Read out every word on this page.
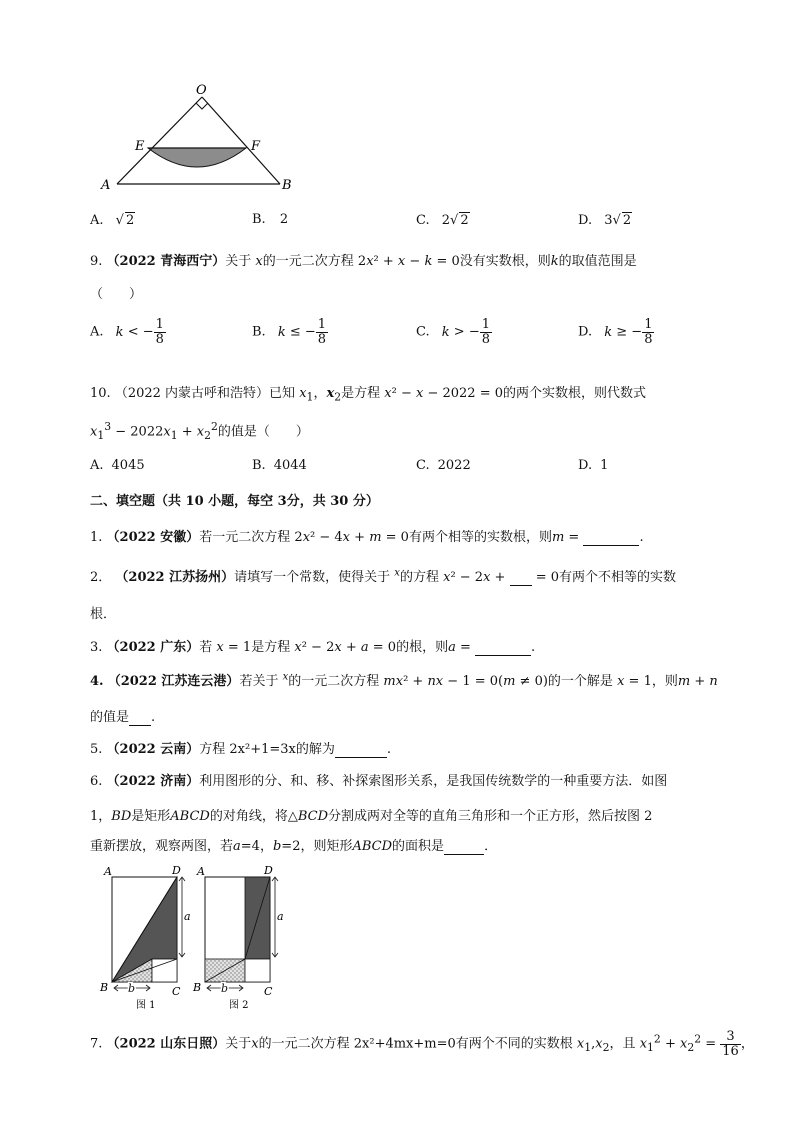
O
E	F
A	B
A. √ 2	B. 2	C. 2√ 2	D. 3√ 2
9. （2022 青海西宁）关于 x的一元二次方程 2x² + x − k = 0没有实数根，则k的取值范围是
（　　）
A. k < − $\frac{1}{8}$	B. k ≤ − $\frac{1}{8}$	C. k > − $\frac{1}{8}$	D. k ≥ − $\frac{1}{8}$
10. （2022 内蒙古呼和浩特）已知 $x_1$，$x_2$是方程 x² − x − 2022 = 0的两个实数根，则代数式
$x_1^3 - 2022x_1 + x_2^2$的值是（　　）
A. 4045	B. 4044	C. 2022	D. 1
二、填空题（共 10 小题，每空 3分，共 30 分）
1. （2022 安徽）若一元二次方程 2x² − 4x + m = 0有两个相等的实数根，则m =	.
2． （2022 江苏扬州）请填写一个常数，使得关于 $^x$的方程 x² − 2x +   = 0有两个不相等的实数
根．
3. （2022 广东）若 x = 1是方程 x² − 2x + a = 0的根，则a =	.
4. （2022 江苏连云港）若关于 $^x$的一元二次方程 mx² + nx − 1 = 0(m ≠ 0)的一个解是 x = 1，则m + n
的值是 .
5. （2022 云南）方程 2x²+1=3x的解为	.
6. （2022 济南）利用图形的分、和、移、补探索图形关系，是我国传统数学的一种重要方法．如图
1，BD是矩形ABCD的对角线，将△BCD分割成两对全等的直角三角形和一个正方形，然后按图 2
重新摆放，观察两图，若a=4，b=2，则矩形ABCD的面积是	．
a
b
A	D
B	C
图 1
a
b
A	D
B	C
图 2
7. （2022 山东日照）关于x的一元二次方程 2x²+4mx+m=0有两个不同的实数根 $x_1,x_2$，且 $x_1^2 + x_2^2 = \frac{3}{16}$ ，
